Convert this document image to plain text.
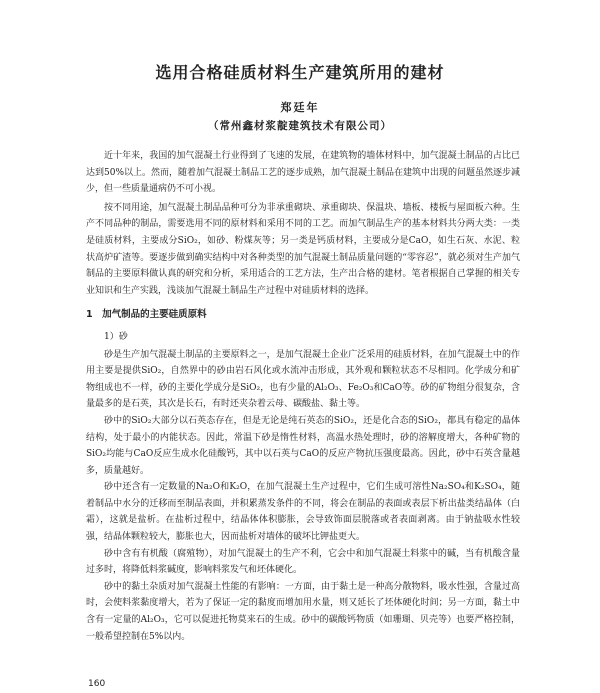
选用合格硅质材料生产建筑所用的建材
郑廷年
（常州鑫材浆靛建筑技术有限公司）

近十年来，我国的加气混凝土行业得到了飞速的发展，在建筑物的墙体材料中，加气混凝土制品的占比已达到50%以上。然而，随着加气混凝土制品工艺的逐步成熟，加气混凝土制品在建筑中出现的问题虽然逐步减少，但一些质量通病仍不可小视。

按不同用途，加气混凝土制品品种可分为非承重砌块、承重砌块、保温块、墙板、楼板与屋面板六种。生产不同品种的制品，需要选用不同的原材料和采用不同的工艺。而加气制品生产的基本材料共分两大类：一类是硅质材料，主要成分SiO₂，如砂、粉煤灰等；另一类是钙质材料，主要成分是CaO，如生石灰、水泥、粒状高炉矿渣等。要逐步做到确实结构中对各种类型的加气混凝土制品质量问题的“零容忍”，就必须对生产加气制品的主要原料做认真的研究和分析，采用适合的工艺方法，生产出合格的建材。笔者根据自己掌握的相关专业知识和生产实践，浅谈加气混凝土制品生产过程中对硅质材料的选择。

1　加气制品的主要硅质原料
1）砂

砂是生产加气混凝土制品的主要原料之一，是加气混凝土企业广泛采用的硅质材料，在加气混凝土中的作用主要是提供SiO₂，自然界中的砂由岩石风化或水流冲击形成，其外观和颗粒状态不尽相同。化学成分和矿物组成也不一样，砂的主要化学成分是SiO₂，也有少量的Al₂O₃、Fe₂O₃和CaO等。砂的矿物组分很复杂，含量最多的是石英，其次是长石，有时还夹杂着云母、碳酸盐、黏土等。

砂中的SiO₂大部分以石英态存在，但是无论是纯石英态的SiO₂，还是化合态的SiO₂，都具有稳定的晶体结构，处于最小的内能状态。因此，常温下砂是惰性材料，高温水热处理时，砂的溶解度增大，各种矿物的SiO₂均能与CaO反应生成水化硅酸钙，其中以石英与CaO的反应产物抗压强度最高。因此，砂中石英含量越多，质量越好。

砂中还含有一定数量的Na₂O和K₂O，在加气混凝土生产过程中，它们生成可溶性Na₂SO₄和K₂SO₄，随着制品中水分的迁移而至制品表面，并积累蒸发条件的不同，将会在制品的表面或表层下析出盐类结晶体（白霜），这就是盐析。在盐析过程中，结晶体体积膨胀，会导致饰面层脱落或者表面剥离。由于钠盐吸水性较强，结晶体颗粒较大，膨胀也大，因而盐析对墙体的破坏比钾盐更大。

砂中含有有机酸（腐殖物），对加气混凝土的生产不利，它会中和加气混凝土料浆中的碱，当有机酸含量过多时，将降低料浆碱度，影响料浆发气和坯体硬化。

砂中的黏土杂质对加气混凝土性能的有影响：一方面，由于黏土是一种高分散物料，吸水性强，含量过高时，会使料浆黏度增大，若为了保证一定的黏度而增加用水量，则又延长了坯体硬化时间；另一方面，黏土中含有一定量的Al₂O₃，它可以促进托物莫来石的生成。砂中的碳酸钙物质（如珊瑚、贝壳等）也要严格控制，一般希望控制在5%以内。

160
